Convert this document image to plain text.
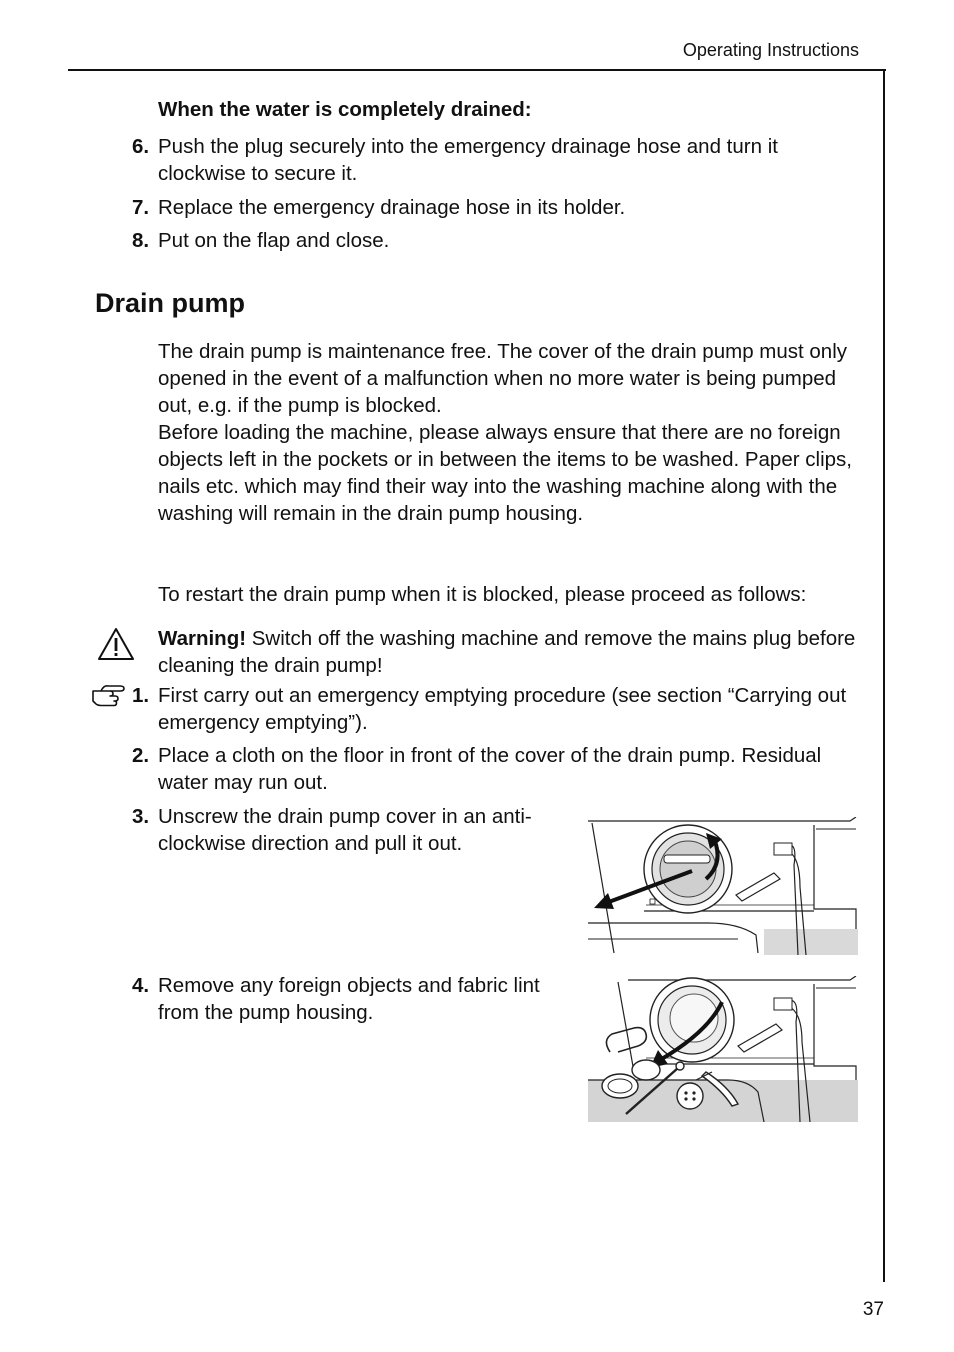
Operating Instructions
When the water is completely drained:
6. Push the plug securely into the emergency drainage hose and turn it clockwise to secure it.
7. Replace the emergency drainage hose in its holder.
8. Put on the flap and close.
Drain pump
The drain pump is maintenance free. The cover of the drain pump must only opened in the event of a malfunction when no more water is being pumped out, e.g. if the pump is blocked.
Before loading the machine, please always ensure that there are no foreign objects left in the pockets or in between the items to be washed. Paper clips, nails etc. which may find their way into the washing machine along with the washing will remain in the drain pump housing.
To restart the drain pump when it is blocked, please proceed as follows:
Warning! Switch off the washing machine and remove the mains plug before cleaning the drain pump!
1. First carry out an emergency emptying procedure (see section “Carrying out emergency emptying”).
2. Place a cloth on the floor in front of the cover of the drain pump. Residual water may run out.
3. Unscrew the drain pump cover in an anti-clockwise direction and pull it out.
4. Remove any foreign objects and fabric lint from the pump housing.
37
